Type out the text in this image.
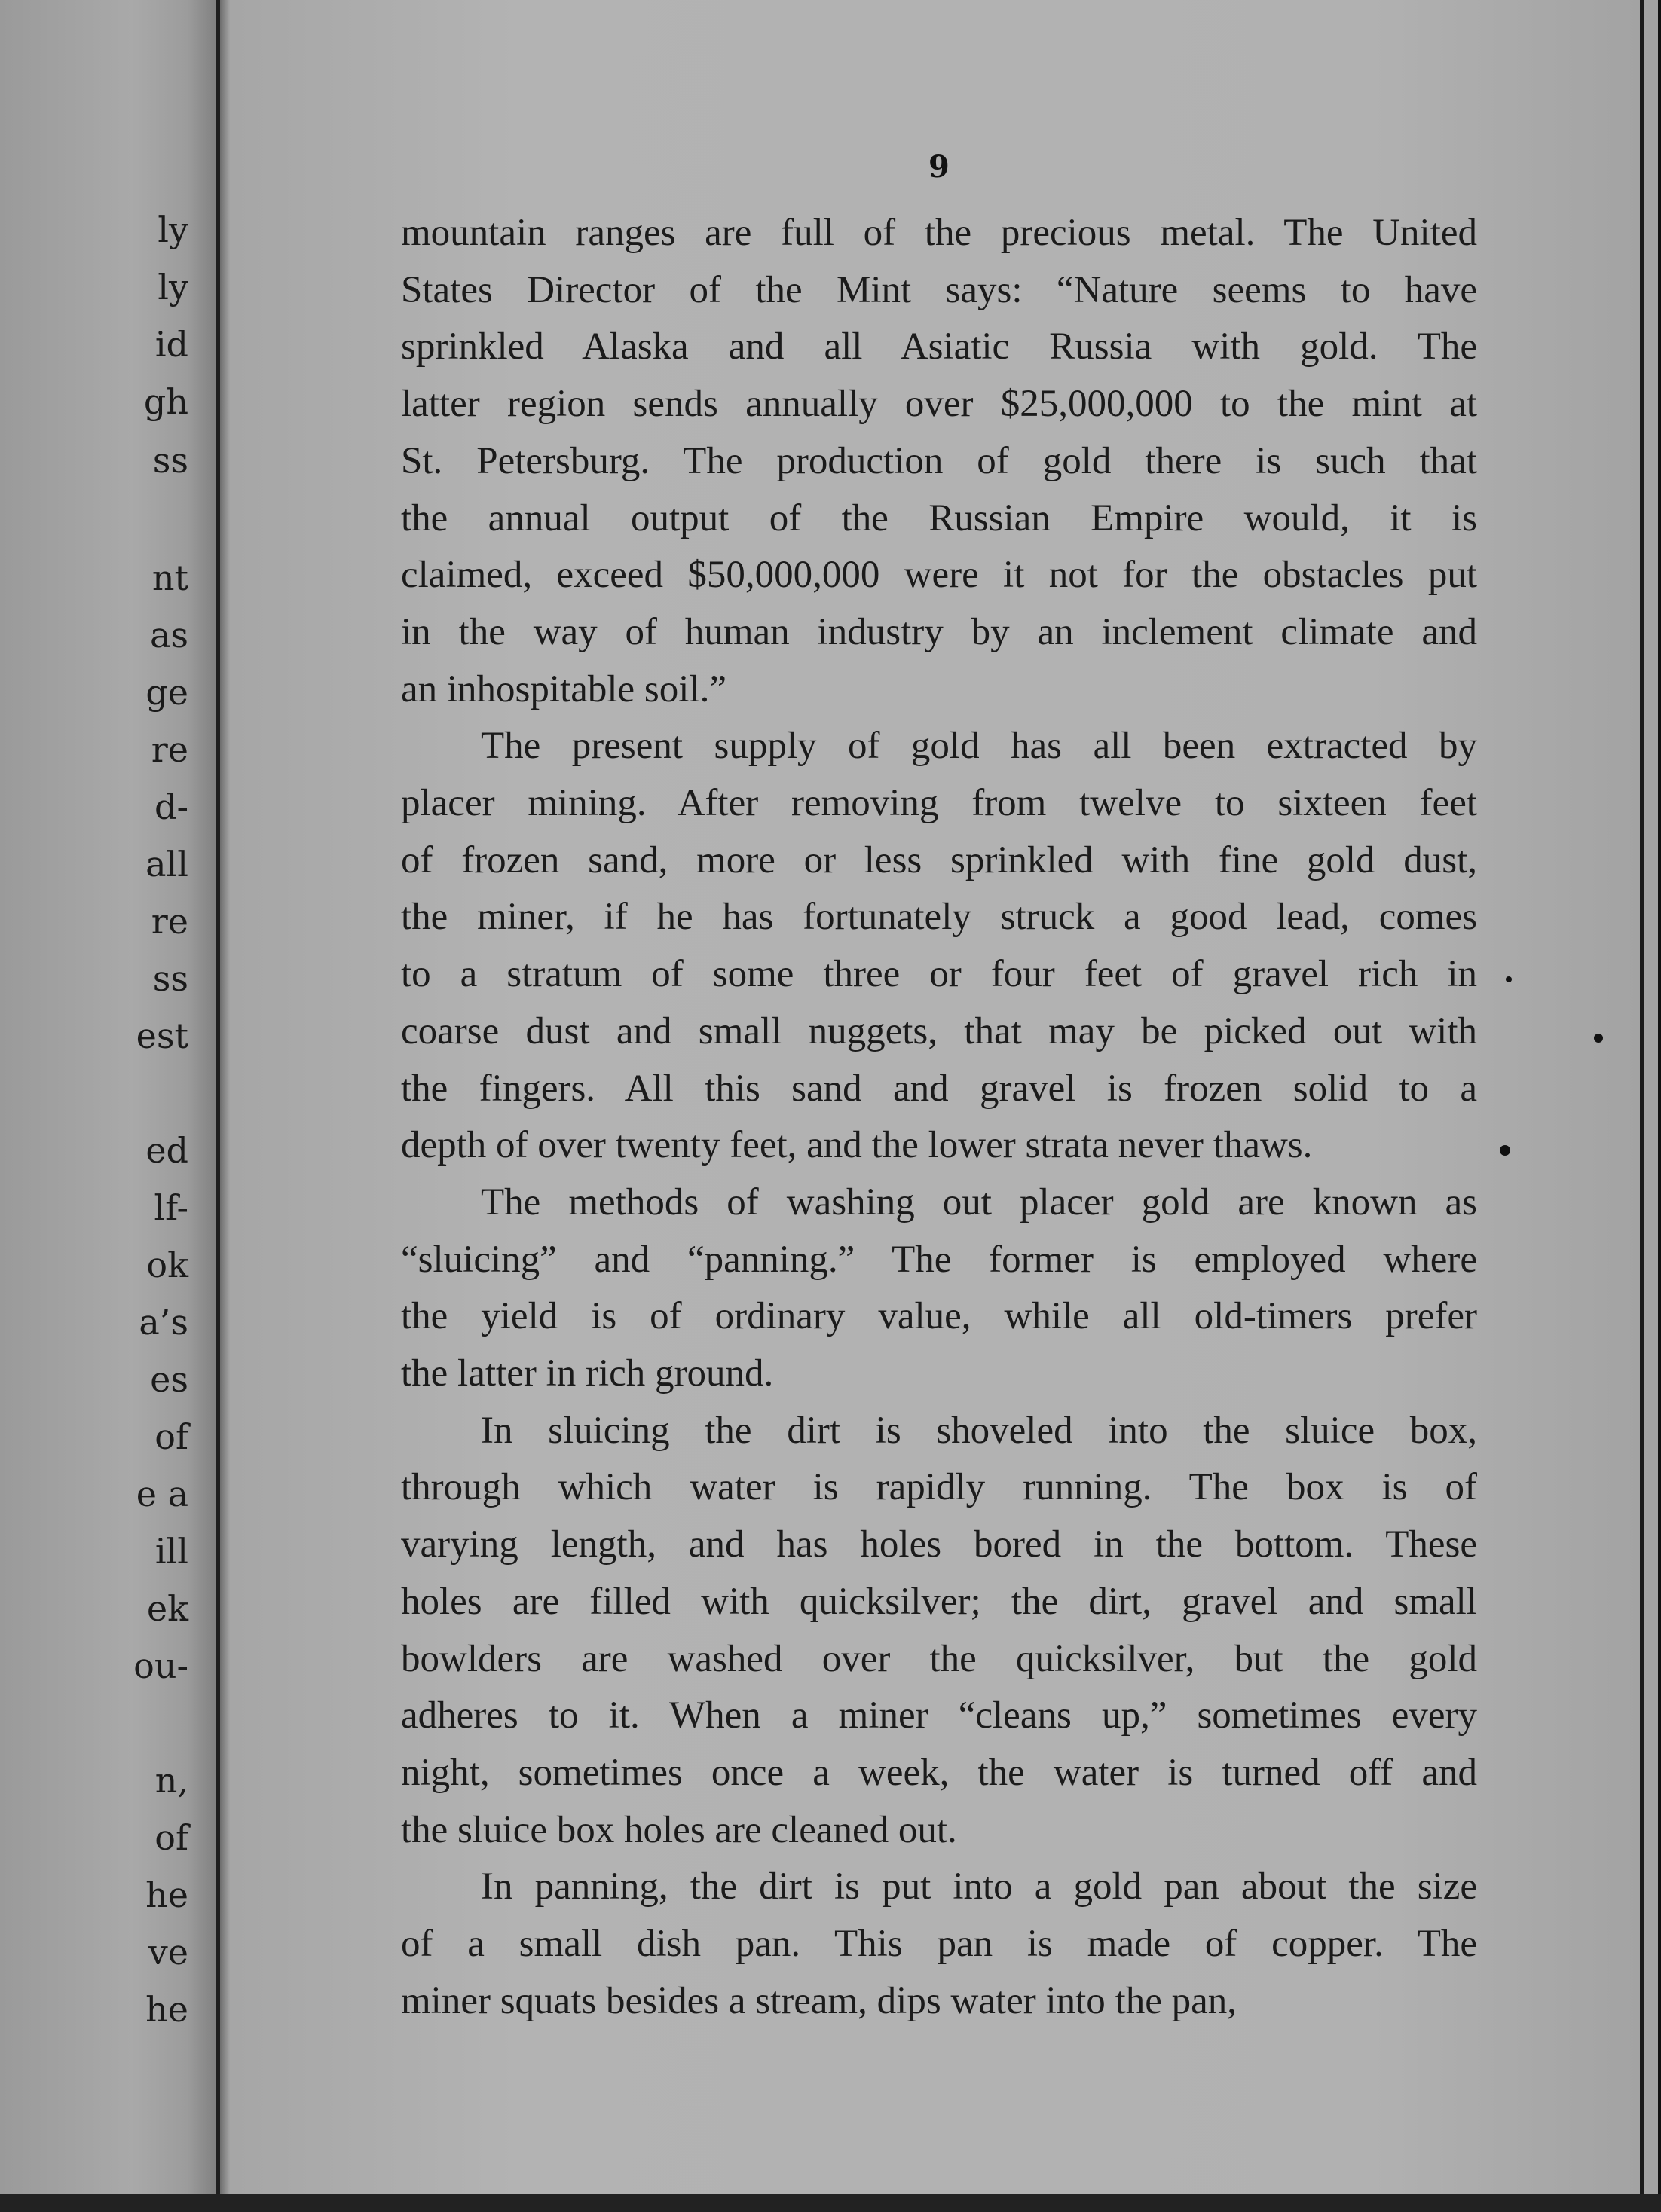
ly
ly
id
gh
ss
nt
as
ge
re
d-
all
re
ss
est
ed
lf-
ok
a’s
es
of
e a
ill
ek
ou-
n,
of
he
ve
he
9
mountain ranges are full of the precious metal. The United
States Director of the Mint says: “Nature seems to have
sprinkled Alaska and all Asiatic Russia with gold. The
latter region sends annually over $25,000,000 to the mint at
St. Petersburg. The production of gold there is such that
the annual output of the Russian Empire would, it is
claimed, exceed $50,000,000 were it not for the obstacles put
in the way of human industry by an inclement climate and
an inhospitable soil.”
The present supply of gold has all been extracted by
placer mining. After removing from twelve to sixteen feet
of frozen sand, more or less sprinkled with fine gold dust,
the miner, if he has fortunately struck a good lead, comes
to a stratum of some three or four feet of gravel rich in
coarse dust and small nuggets, that may be picked out with
the fingers. All this sand and gravel is frozen solid to a
depth of over twenty feet, and the lower strata never thaws.
The methods of washing out placer gold are known as
“sluicing” and “panning.” The former is employed where
the yield is of ordinary value, while all old-timers prefer
the latter in rich ground.
In sluicing the dirt is shoveled into the sluice box,
through which water is rapidly running. The box is of
varying length, and has holes bored in the bottom. These
holes are filled with quicksilver; the dirt, gravel and small
bowlders are washed over the quicksilver, but the gold
adheres to it. When a miner “cleans up,” sometimes every
night, sometimes once a week, the water is turned off and
the sluice box holes are cleaned out.
In panning, the dirt is put into a gold pan about the size
of a small dish pan. This pan is made of copper. The
miner squats besides a stream, dips water into the pan,
